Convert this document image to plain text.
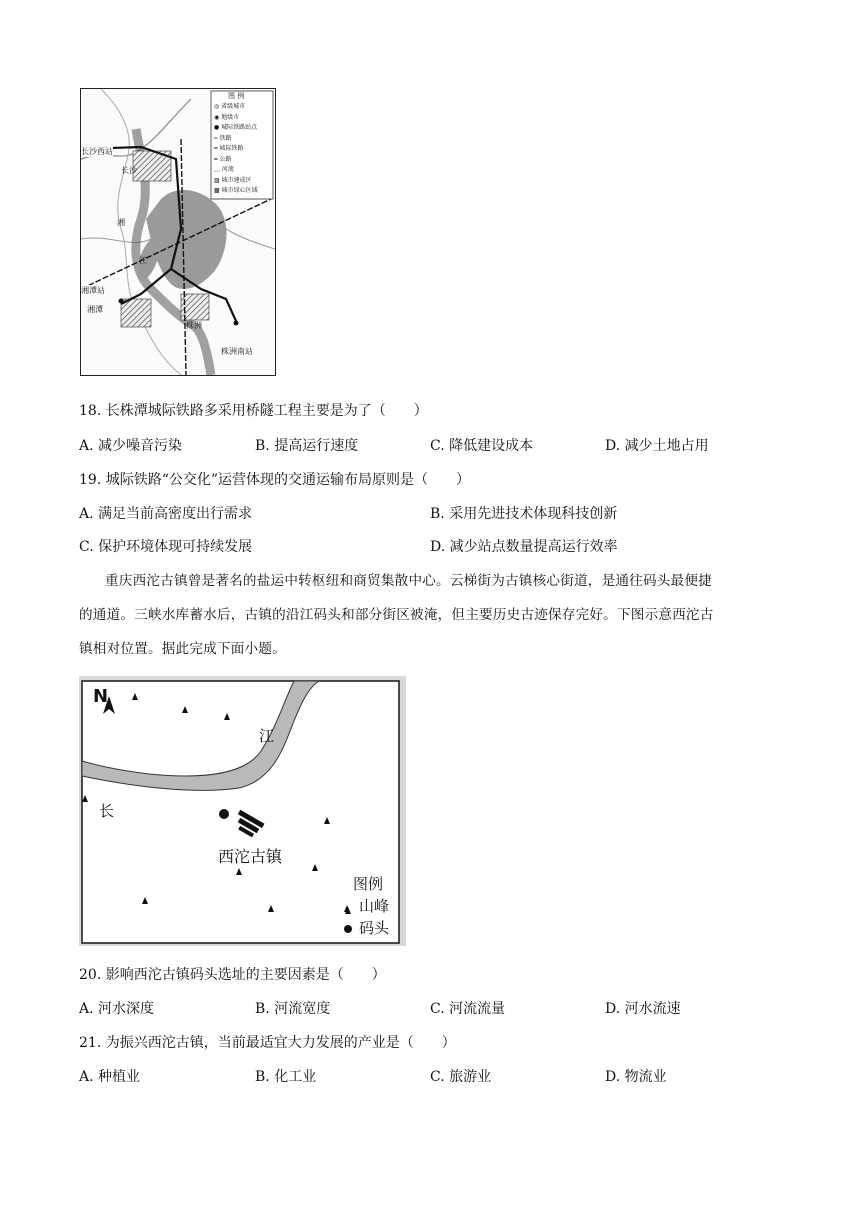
图 例
◎ 省级城市
◉ 地级市
● 城际铁路站点
┅ 铁路
━ 城际铁路
═ 公路
﹏ 河流
▨ 城市建成区
▩ 城市绿心区域
长沙西站
长沙
湘
江
湘潭站
湘潭
株洲
株洲南站
18. 长株潭城际铁路多采用桥隧工程主要是为了（　　）
A. 减少噪音污染	B. 提高运行速度	C. 降低建设成本	D. 减少土地占用
19. 城际铁路“公交化”运营体现的交通运输布局原则是（　　）
A. 满足当前高密度出行需求	B. 采用先进技术体现科技创新
C. 保护环境体现可持续发展	D. 减少站点数量提高运行效率
重庆西沱古镇曾是著名的盐运中转枢纽和商贸集散中心。云梯街为古镇核心街道，是通往码头最便捷
的通道。三峡水库蓄水后，古镇的沿江码头和部分街区被淹，但主要历史古迹保存完好。下图示意西沱古
镇相对位置。据此完成下面小题。
N
长
江
西沱古镇
图例
山峰
码头
20. 影响西沱古镇码头选址的主要因素是（　　）
A. 河水深度	B. 河流宽度	C. 河流流量	D. 河水流速
21. 为振兴西沱古镇，当前最适宜大力发展的产业是（　　）
A. 种植业	B. 化工业	C. 旅游业	D. 物流业
